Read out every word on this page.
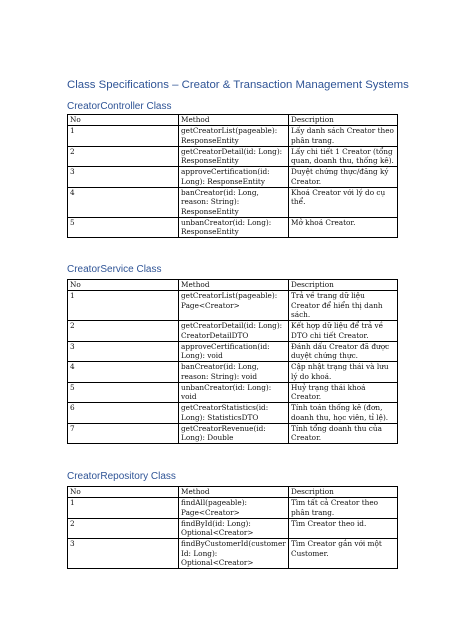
Class Specifications – Creator & Transaction Management Systems
CreatorController Class
No	Method	Description
1	getCreatorList(pageable): ResponseEntity	Lấy danh sách Creator theo phân trang.
2	getCreatorDetail(id: Long): ResponseEntity	Lấy chi tiết 1 Creator (tổng quan, doanh thu, thống kê).
3	approveCertification(id: Long): ResponseEntity	Duyệt chứng thực/đăng ký Creator.
4	banCreator(id: Long, reason: String): ResponseEntity	Khoá Creator với lý do cụ thể.
5	unbanCreator(id: Long): ResponseEntity	Mở khoá Creator.
CreatorService Class
No	Method	Description
1	getCreatorList(pageable): Page<Creator>	Trả về trang dữ liệu Creator để hiển thị danh sách.
2	getCreatorDetail(id: Long): CreatorDetailDTO	Kết hợp dữ liệu để trả về DTO chi tiết Creator.
3	approveCertification(id: Long): void	Đánh dấu Creator đã được duyệt chứng thực.
4	banCreator(id: Long, reason: String): void	Cập nhật trạng thái và lưu lý do khoá.
5	unbanCreator(id: Long): void	Huỷ trạng thái khoá Creator.
6	getCreatorStatistics(id: Long): StatisticsDTO	Tính toán thống kê (đơn, doanh thu, học viên, tỉ lệ).
7	getCreatorRevenue(id: Long): Double	Tính tổng doanh thu của Creator.
CreatorRepository Class
No	Method	Description
1	findAll(pageable): Page<Creator>	Tìm tất cả Creator theo phân trang.
2	findById(id: Long): Optional<Creator>	Tìm Creator theo id.
3	findByCustomerId(customerId: Long): Optional<Creator>	Tìm Creator gắn với một Customer.
